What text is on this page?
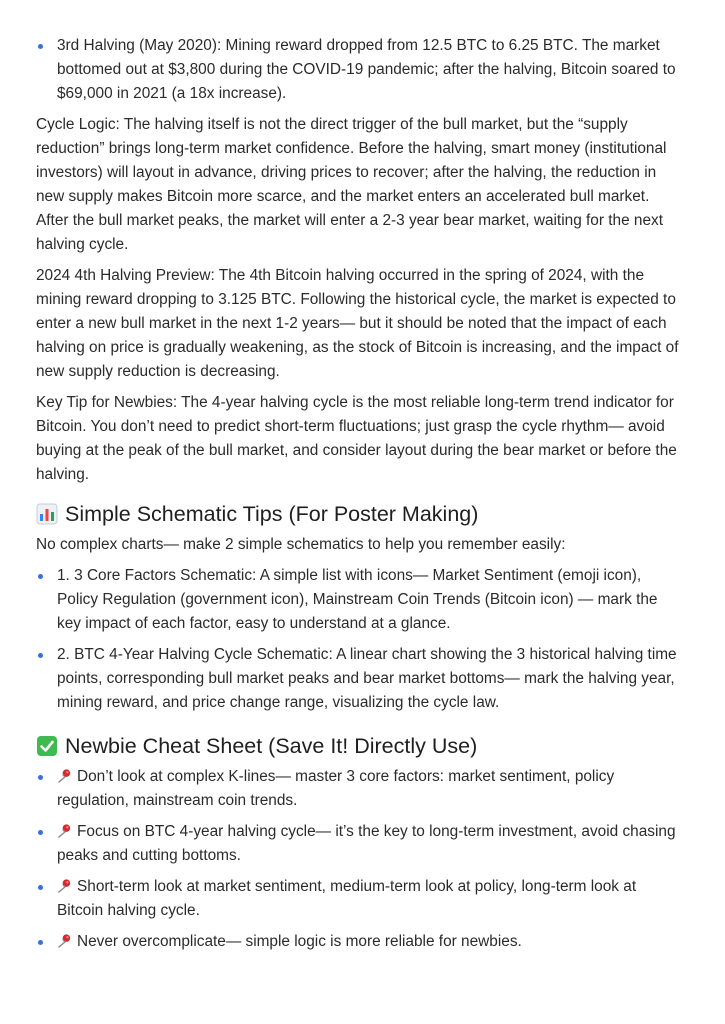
3rd Halving (May 2020): Mining reward dropped from 12.5 BTC to 6.25 BTC. The market bottomed out at $3,800 during the COVID-19 pandemic; after the halving, Bitcoin soared to $69,000 in 2021 (a 18x increase).

Cycle Logic: The halving itself is not the direct trigger of the bull market, but the “supply reduction” brings long-term market confidence. Before the halving, smart money (institutional investors) will layout in advance, driving prices to recover; after the halving, the reduction in new supply makes Bitcoin more scarce, and the market enters an accelerated bull market. After the bull market peaks, the market will enter a 2-3 year bear market, waiting for the next halving cycle.

2024 4th Halving Preview: The 4th Bitcoin halving occurred in the spring of 2024, with the mining reward dropping to 3.125 BTC. Following the historical cycle, the market is expected to enter a new bull market in the next 1-2 years— but it should be noted that the impact of each halving on price is gradually weakening, as the stock of Bitcoin is increasing, and the impact of new supply reduction is decreasing.

Key Tip for Newbies: The 4-year halving cycle is the most reliable long-term trend indicator for Bitcoin. You don’t need to predict short-term fluctuations; just grasp the cycle rhythm— avoid buying at the peak of the bull market, and consider layout during the bear market or before the halving.

Simple Schematic Tips (For Poster Making)

No complex charts— make 2 simple schematics to help you remember easily:

1. 3 Core Factors Schematic: A simple list with icons— Market Sentiment (emoji icon), Policy Regulation (government icon), Mainstream Coin Trends (Bitcoin icon) — mark the key impact of each factor, easy to understand at a glance.
2. BTC 4-Year Halving Cycle Schematic: A linear chart showing the 3 historical halving time points, corresponding bull market peaks and bear market bottoms— mark the halving year, mining reward, and price change range, visualizing the cycle law.
Newbie Cheat Sheet (Save It! Directly Use)
Don’t look at complex K-lines— master 3 core factors: market sentiment, policy regulation, mainstream coin trends.
Focus on BTC 4-year halving cycle— it’s the key to long-term investment, avoid chasing peaks and cutting bottoms.
Short-term look at market sentiment, medium-term look at policy, long-term look at Bitcoin halving cycle.
Never overcomplicate— simple logic is more reliable for newbies.
